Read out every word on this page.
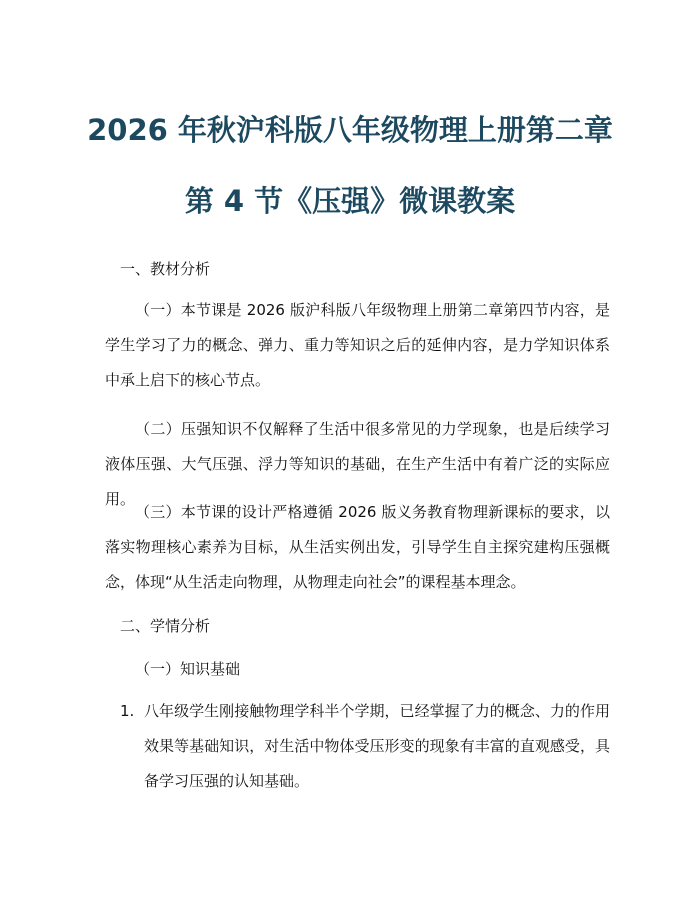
2026 年秋沪科版八年级物理上册第二章
第 4 节《压强》微课教案
一、教材分析
（一）本节课是 2026 版沪科版八年级物理上册第二章第四节内容，是学生学习了力的概念、弹力、重力等知识之后的延伸内容，是力学知识体系中承上启下的核心节点。
（二）压强知识不仅解释了生活中很多常见的力学现象，也是后续学习液体压强、大气压强、浮力等知识的基础，在生产生活中有着广泛的实际应用。
（三）本节课的设计严格遵循 2026 版义务教育物理新课标的要求，以落实物理核心素养为目标，从生活实例出发，引导学生自主探究建构压强概念，体现“从生活走向物理，从物理走向社会”的课程基本理念。
二、学情分析
（一）知识基础
1. 八年级学生刚接触物理学科半个学期，已经掌握了力的概念、力的作用效果等基础知识，对生活中物体受压形变的现象有丰富的直观感受，具备学习压强的认知基础。
